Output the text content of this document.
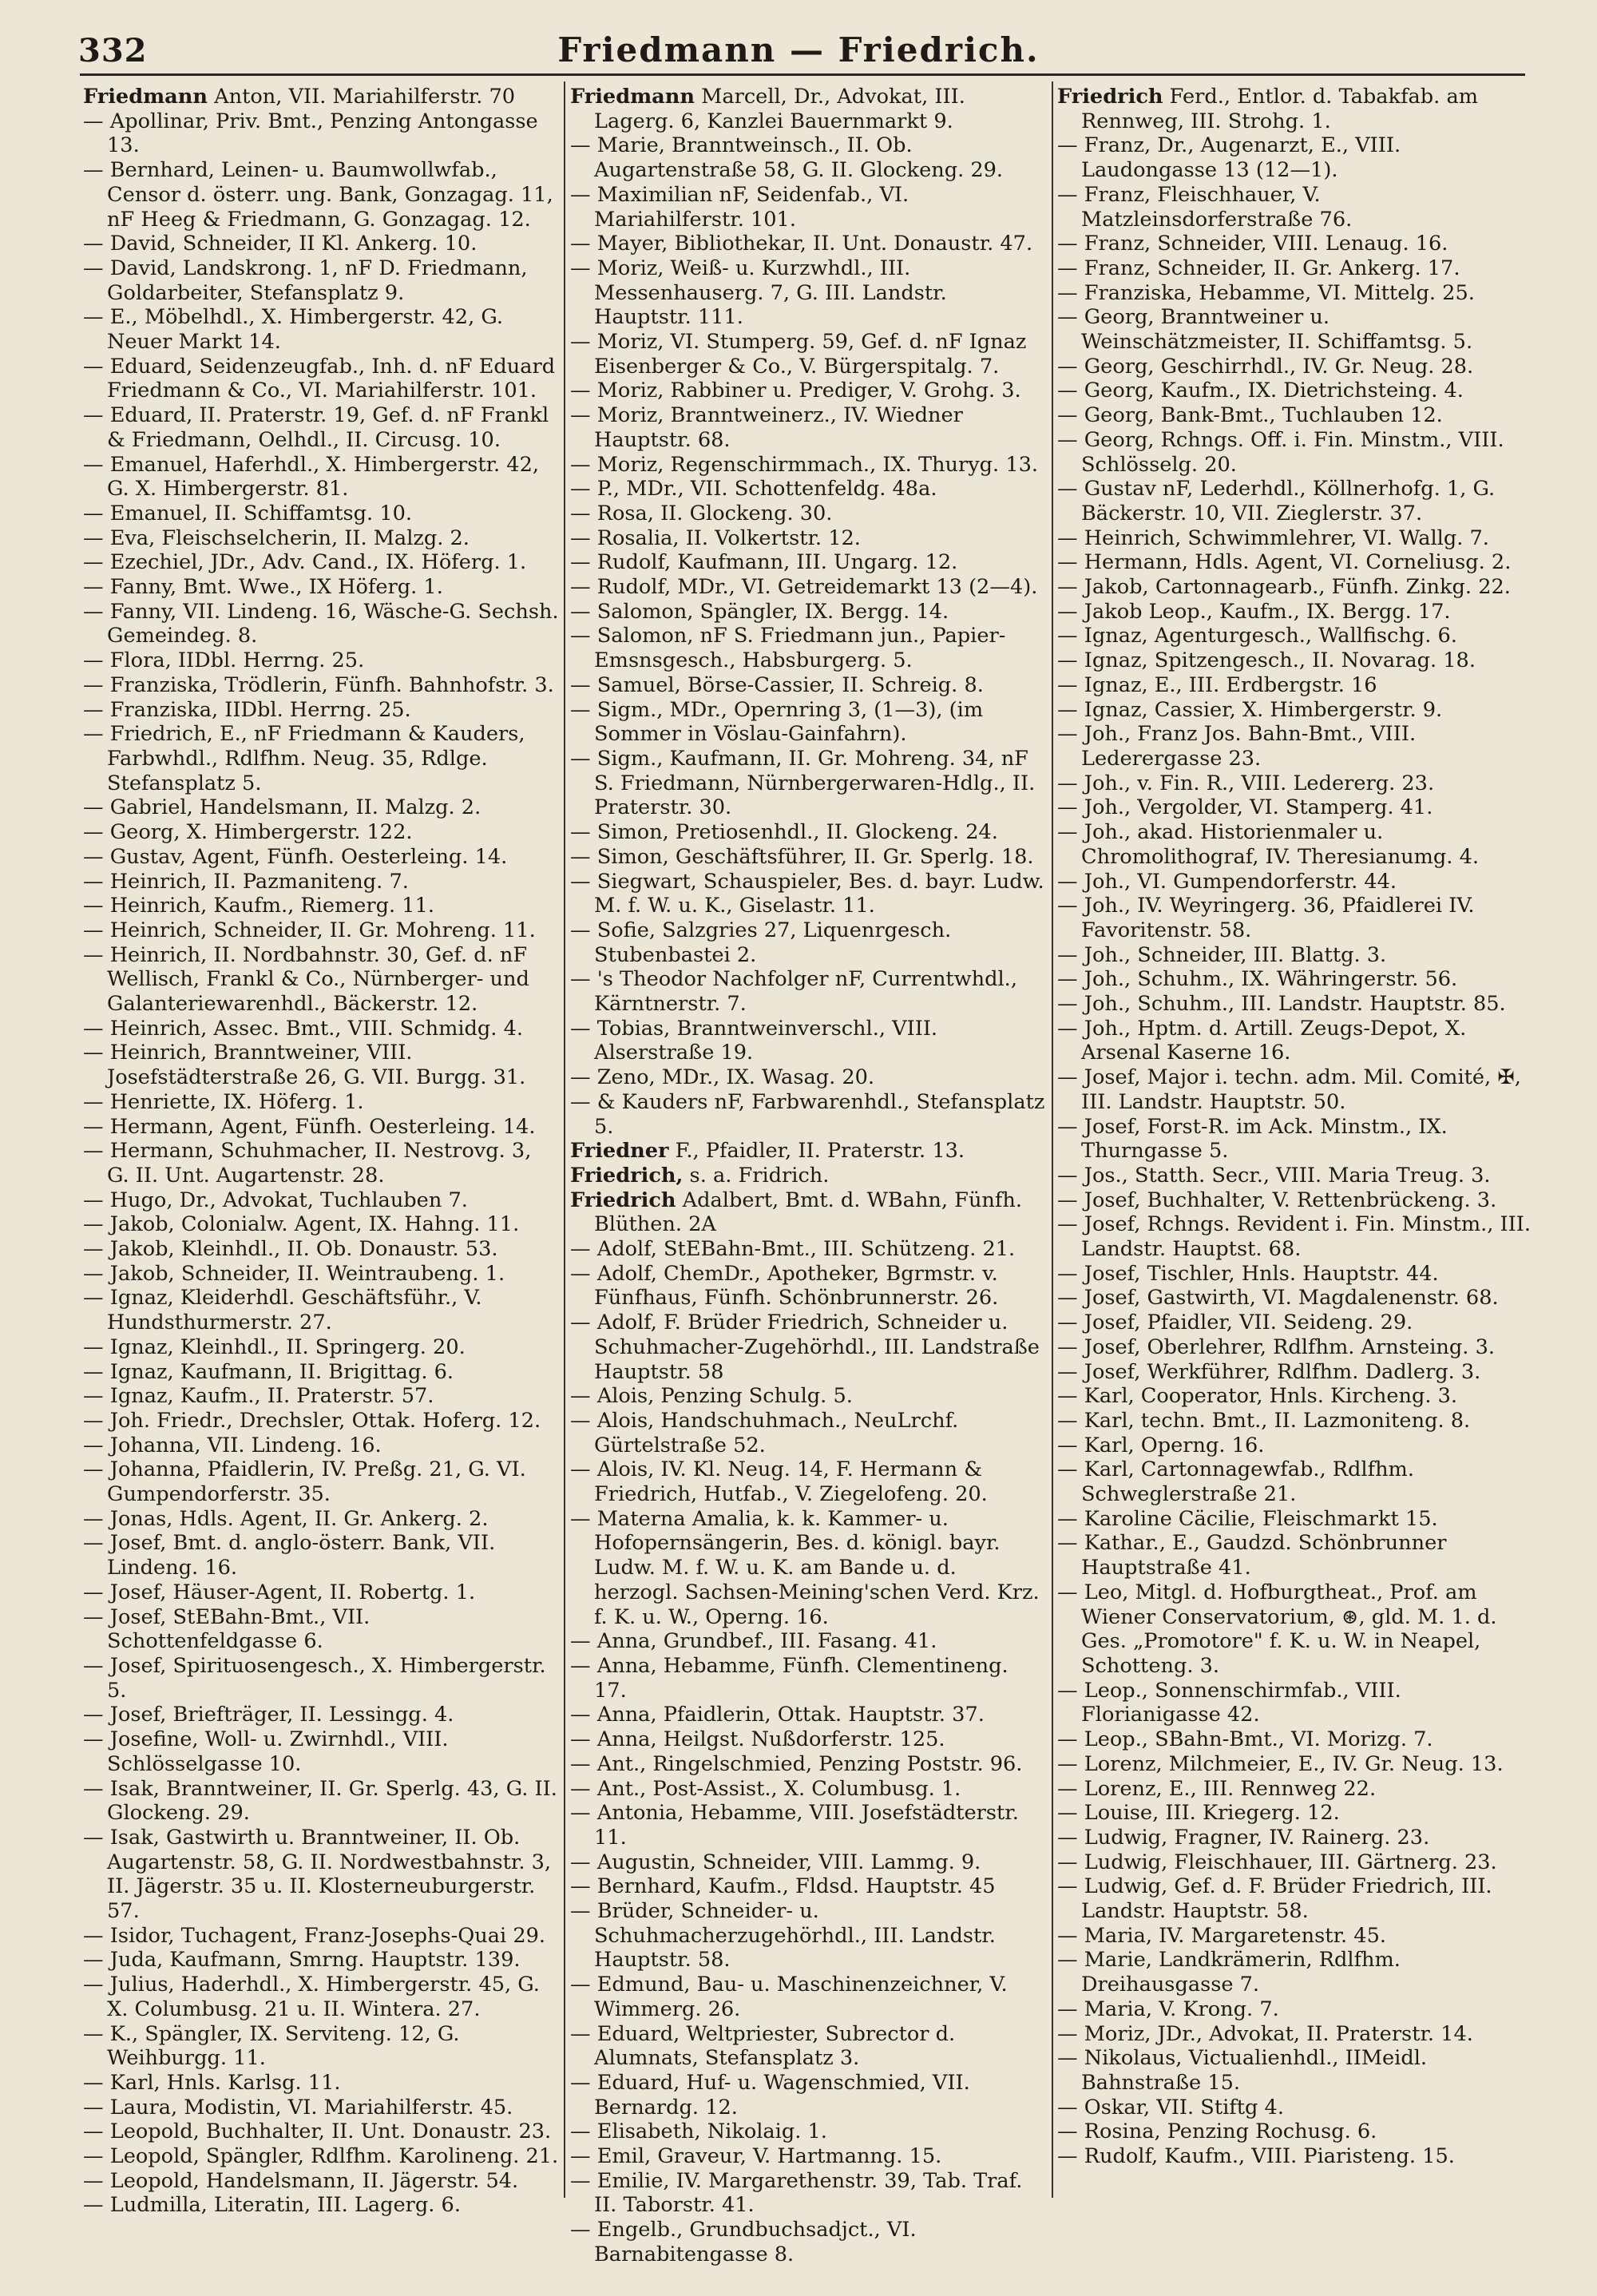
332	Friedmann — Friedrich.

Friedmann Anton, VII. Mariahilferstr. 70

— Apollinar, Priv. Bmt., Penzing Antongasse 13.

— Bernhard, Leinen- u. Baumwollwfab., Censor d. österr. ung. Bank, Gonzagag. 11, nF Heeg & Friedmann, G. Gonzagag. 12.

— David, Schneider, II Kl. Ankerg. 10.

— David, Landskrong. 1, nF D. Friedmann, Goldarbeiter, Stefansplatz 9.

— E., Möbelhdl., X. Himbergerstr. 42, G. Neuer Markt 14.

— Eduard, Seidenzeugfab., Inh. d. nF Eduard Friedmann & Co., VI. Mariahilferstr. 101.

— Eduard, II. Praterstr. 19, Gef. d. nF Frankl & Friedmann, Oelhdl., II. Circusg. 10.

— Emanuel, Haferhdl., X. Himbergerstr. 42, G. X. Himbergerstr. 81.

— Emanuel, II. Schiffamtsg. 10.

— Eva, Fleischselcherin, II. Malzg. 2.

— Ezechiel, JDr., Adv. Cand., IX. Höferg. 1.

— Fanny, Bmt. Wwe., IX Höferg. 1.

— Fanny, VII. Lindeng. 16, Wäsche-G. Sechsh. Gemeindeg. 8.

— Flora, IIDbl. Herrng. 25.

— Franziska, Trödlerin, Fünfh. Bahnhofstr. 3.

— Franziska, IIDbl. Herrng. 25.

— Friedrich, E., nF Friedmann & Kauders, Farbwhdl., Rdlfhm. Neug. 35, Rdlge. Stefansplatz 5.

— Gabriel, Handelsmann, II. Malzg. 2.

— Georg, X. Himbergerstr. 122.

— Gustav, Agent, Fünfh. Oesterleing. 14.

— Heinrich, II. Pazmaniteng. 7.

— Heinrich, Kaufm., Riemerg. 11.

— Heinrich, Schneider, II. Gr. Mohreng. 11.

— Heinrich, II. Nordbahnstr. 30, Gef. d. nF Wellisch, Frankl & Co., Nürnberger- und Galanteriewarenhdl., Bäckerstr. 12.

— Heinrich, Assec. Bmt., VIII. Schmidg. 4.

— Heinrich, Branntweiner, VIII. Josefstädterstraße 26, G. VII. Burgg. 31.

— Henriette, IX. Höferg. 1.

— Hermann, Agent, Fünfh. Oesterleing. 14.

— Hermann, Schuhmacher, II. Nestrovg. 3, G. II. Unt. Augartenstr. 28.

— Hugo, Dr., Advokat, Tuchlauben 7.

— Jakob, Colonialw. Agent, IX. Hahng. 11.

— Jakob, Kleinhdl., II. Ob. Donaustr. 53.

— Jakob, Schneider, II. Weintraubeng. 1.

— Ignaz, Kleiderhdl. Geschäftsführ., V. Hundsthurmerstr. 27.

— Ignaz, Kleinhdl., II. Springerg. 20.

— Ignaz, Kaufmann, II. Brigittag. 6.

— Ignaz, Kaufm., II. Praterstr. 57.

— Joh. Friedr., Drechsler, Ottak. Hoferg. 12.

— Johanna, VII. Lindeng. 16.

— Johanna, Pfaidlerin, IV. Preßg. 21, G. VI. Gumpendorferstr. 35.

— Jonas, Hdls. Agent, II. Gr. Ankerg. 2.

— Josef, Bmt. d. anglo-österr. Bank, VII. Lindeng. 16.

— Josef, Häuser-Agent, II. Robertg. 1.

— Josef, StEBahn-Bmt., VII. Schottenfeldgasse 6.

— Josef, Spirituosengesch., X. Himbergerstr. 5.

— Josef, Briefträger, II. Lessingg. 4.

— Josefine, Woll- u. Zwirnhdl., VIII. Schlösselgasse 10.

— Isak, Branntweiner, II. Gr. Sperlg. 43, G. II. Glockeng. 29.

— Isak, Gastwirth u. Branntweiner, II. Ob. Augartenstr. 58, G. II. Nordwestbahnstr. 3, II. Jägerstr. 35 u. II. Klosterneuburgerstr. 57.

— Isidor, Tuchagent, Franz-Josephs-Quai 29.

— Juda, Kaufmann, Smrng. Hauptstr. 139.

— Julius, Haderhdl., X. Himbergerstr. 45, G. X. Columbusg. 21 u. II. Wintera. 27.

— K., Spängler, IX. Serviteng. 12, G. Weihburgg. 11.

— Karl, Hnls. Karlsg. 11.

— Laura, Modistin, VI. Mariahilferstr. 45.

— Leopold, Buchhalter, II. Unt. Donaustr. 23.

— Leopold, Spängler, Rdlfhm. Karolineng. 21.

— Leopold, Handelsmann, II. Jägerstr. 54.

— Ludmilla, Literatin, III. Lagerg. 6.

Friedmann Marcell, Dr., Advokat, III. Lagerg. 6, Kanzlei Bauernmarkt 9.

— Marie, Branntweinsch., II. Ob. Augartenstraße 58, G. II. Glockeng. 29.

— Maximilian nF, Seidenfab., VI. Mariahilferstr. 101.

— Mayer, Bibliothekar, II. Unt. Donaustr. 47.

— Moriz, Weiß- u. Kurzwhdl., III. Messenhauserg. 7, G. III. Landstr. Hauptstr. 111.

— Moriz, VI. Stumperg. 59, Gef. d. nF Ignaz Eisenberger & Co., V. Bürgerspitalg. 7.

— Moriz, Rabbiner u. Prediger, V. Grohg. 3.

— Moriz, Branntweinerz., IV. Wiedner Hauptstr. 68.

— Moriz, Regenschirmmach., IX. Thuryg. 13.

— P., MDr., VII. Schottenfeldg. 48a.

— Rosa, II. Glockeng. 30.

— Rosalia, II. Volkertstr. 12.

— Rudolf, Kaufmann, III. Ungarg. 12.

— Rudolf, MDr., VI. Getreidemarkt 13 (2—4).

— Salomon, Spängler, IX. Bergg. 14.

— Salomon, nF S. Friedmann jun., Papier-Emsnsgesch., Habsburgerg. 5.

— Samuel, Börse-Cassier, II. Schreig. 8.

— Sigm., MDr., Opernring 3, (1—3), (im Sommer in Vöslau-Gainfahrn).

— Sigm., Kaufmann, II. Gr. Mohreng. 34, nF S. Friedmann, Nürnbergerwaren-Hdlg., II. Praterstr. 30.

— Simon, Pretiosenhdl., II. Glockeng. 24.

— Simon, Geschäftsführer, II. Gr. Sperlg. 18.

— Siegwart, Schauspieler, Bes. d. bayr. Ludw. M. f. W. u. K., Giselastr. 11.

— Sofie, Salzgries 27, Liquenrgesch. Stubenbastei 2.

— 's Theodor Nachfolger nF, Currentwhdl., Kärntnerstr. 7.

— Tobias, Branntweinverschl., VIII. Alserstraße 19.

— Zeno, MDr., IX. Wasag. 20.

— & Kauders nF, Farbwarenhdl., Stefansplatz 5.

Friedner F., Pfaidler, II. Praterstr. 13.

Friedrich, s. a. Fridrich.

Friedrich Adalbert, Bmt. d. WBahn, Fünfh. Blüthen. 2A

— Adolf, StEBahn-Bmt., III. Schützeng. 21.

— Adolf, ChemDr., Apotheker, Bgrmstr. v. Fünfhaus, Fünfh. Schönbrunnerstr. 26.

— Adolf, F. Brüder Friedrich, Schneider u. Schuhmacher-Zugehörhdl., III. Landstraße Hauptstr. 58

— Alois, Penzing Schulg. 5.

— Alois, Handschuhmach., NeuLrchf. Gürtelstraße 52.

— Alois, IV. Kl. Neug. 14, F. Hermann & Friedrich, Hutfab., V. Ziegelofeng. 20.

— Materna Amalia, k. k. Kammer- u. Hofopernsängerin, Bes. d. königl. bayr. Ludw. M. f. W. u. K. am Bande u. d. herzogl. Sachsen-Meining'schen Verd. Krz. f. K. u. W., Operng. 16.

— Anna, Grundbef., III. Fasang. 41.

— Anna, Hebamme, Fünfh. Clementineng. 17.

— Anna, Pfaidlerin, Ottak. Hauptstr. 37.

— Anna, Heilgst. Nußdorferstr. 125.

— Ant., Ringelschmied, Penzing Poststr. 96.

— Ant., Post-Assist., X. Columbusg. 1.

— Antonia, Hebamme, VIII. Josefstädterstr. 11.

— Augustin, Schneider, VIII. Lammg. 9.

— Bernhard, Kaufm., Fldsd. Hauptstr. 45

— Brüder, Schneider- u. Schuhmacherzugehörhdl., III. Landstr. Hauptstr. 58.

— Edmund, Bau- u. Maschinenzeichner, V. Wimmerg. 26.

— Eduard, Weltpriester, Subrector d. Alumnats, Stefansplatz 3.

— Eduard, Huf- u. Wagenschmied, VII. Bernardg. 12.

— Elisabeth, Nikolaig. 1.

— Emil, Graveur, V. Hartmanng. 15.

— Emilie, IV. Margarethenstr. 39, Tab. Traf. II. Taborstr. 41.

— Engelb., Grundbuchsadjct., VI. Barnabitengasse 8.

Friedrich Ferd., Entlor. d. Tabakfab. am Rennweg, III. Strohg. 1.

— Franz, Dr., Augenarzt, E., VIII. Laudongasse 13 (12—1).

— Franz, Fleischhauer, V. Matzleinsdorferstraße 76.

— Franz, Schneider, VIII. Lenaug. 16.

— Franz, Schneider, II. Gr. Ankerg. 17.

— Franziska, Hebamme, VI. Mittelg. 25.

— Georg, Branntweiner u. Weinschätzmeister, II. Schiffamtsg. 5.

— Georg, Geschirrhdl., IV. Gr. Neug. 28.

— Georg, Kaufm., IX. Dietrichsteing. 4.

— Georg, Bank-Bmt., Tuchlauben 12.

— Georg, Rchngs. Off. i. Fin. Minstm., VIII. Schlösselg. 20.

— Gustav nF, Lederhdl., Köllnerhofg. 1, G. Bäckerstr. 10, VII. Zieglerstr. 37.

— Heinrich, Schwimmlehrer, VI. Wallg. 7.

— Hermann, Hdls. Agent, VI. Corneliusg. 2.

— Jakob, Cartonnagearb., Fünfh. Zinkg. 22.

— Jakob Leop., Kaufm., IX. Bergg. 17.

— Ignaz, Agenturgesch., Wallfischg. 6.

— Ignaz, Spitzengesch., II. Novarag. 18.

— Ignaz, E., III. Erdbergstr. 16

— Ignaz, Cassier, X. Himbergerstr. 9.

— Joh., Franz Jos. Bahn-Bmt., VIII. Lederergasse 23.

— Joh., v. Fin. R., VIII. Ledererg. 23.

— Joh., Vergolder, VI. Stamperg. 41.

— Joh., akad. Historienmaler u. Chromolithograf, IV. Theresianumg. 4.

— Joh., VI. Gumpendorferstr. 44.

— Joh., IV. Weyringerg. 36, Pfaidlerei IV. Favoritenstr. 58.

— Joh., Schneider, III. Blattg. 3.

— Joh., Schuhm., IX. Währingerstr. 56.

— Joh., Schuhm., III. Landstr. Hauptstr. 85.

— Joh., Hptm. d. Artill. Zeugs-Depot, X. Arsenal Kaserne 16.

— Josef, Major i. techn. adm. Mil. Comité, ✠, III. Landstr. Hauptstr. 50.

— Josef, Forst-R. im Ack. Minstm., IX. Thurngasse 5.

— Jos., Statth. Secr., VIII. Maria Treug. 3.

— Josef, Buchhalter, V. Rettenbrückeng. 3.

— Josef, Rchngs. Revident i. Fin. Minstm., III. Landstr. Hauptst. 68.

— Josef, Tischler, Hnls. Hauptstr. 44.

— Josef, Gastwirth, VI. Magdalenenstr. 68.

— Josef, Pfaidler, VII. Seideng. 29.

— Josef, Oberlehrer, Rdlfhm. Arnsteing. 3.

— Josef, Werkführer, Rdlfhm. Dadlerg. 3.

— Karl, Cooperator, Hnls. Kircheng. 3.

— Karl, techn. Bmt., II. Lazmoniteng. 8.

— Karl, Operng. 16.

— Karl, Cartonnagewfab., Rdlfhm. Schweglerstraße 21.

— Karoline Cäcilie, Fleischmarkt 15.

— Kathar., E., Gaudzd. Schönbrunner Hauptstraße 41.

— Leo, Mitgl. d. Hofburgtheat., Prof. am Wiener Conservatorium, ⊛, gld. M. 1. d. Ges. „Promotore" f. K. u. W. in Neapel, Schotteng. 3.

— Leop., Sonnenschirmfab., VIII. Florianigasse 42.

— Leop., SBahn-Bmt., VI. Morizg. 7.

— Lorenz, Milchmeier, E., IV. Gr. Neug. 13.

— Lorenz, E., III. Rennweg 22.

— Louise, III. Kriegerg. 12.

— Ludwig, Fragner, IV. Rainerg. 23.

— Ludwig, Fleischhauer, III. Gärtnerg. 23.

— Ludwig, Gef. d. F. Brüder Friedrich, III. Landstr. Hauptstr. 58.

— Maria, IV. Margaretenstr. 45.

— Marie, Landkrämerin, Rdlfhm. Dreihausgasse 7.

— Maria, V. Krong. 7.

— Moriz, JDr., Advokat, II. Praterstr. 14.

— Nikolaus, Victualienhdl., IIMeidl. Bahnstraße 15.

— Oskar, VII. Stiftg 4.

— Rosina, Penzing Rochusg. 6.

— Rudolf, Kaufm., VIII. Piaristeng. 15.
